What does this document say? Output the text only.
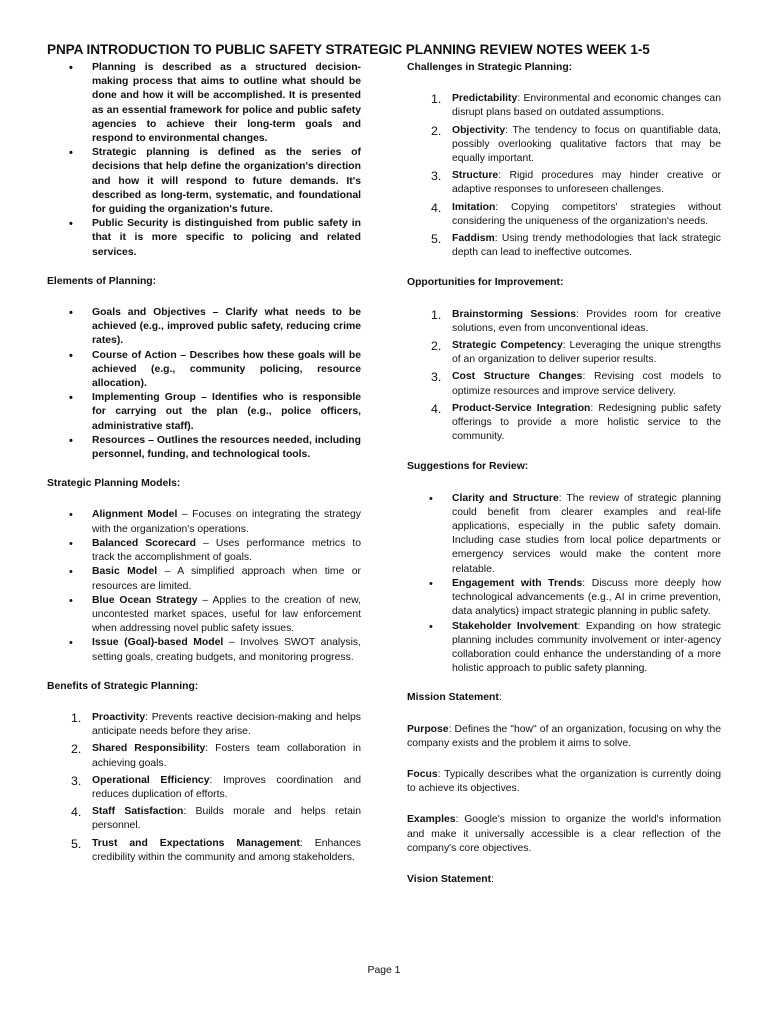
PNPA INTRODUCTION TO PUBLIC SAFETY STRATEGIC PLANNING REVIEW NOTES WEEK 1-5
• Planning is described as a structured decision-making process that aims to outline what should be done and how it will be accomplished. It is presented as an essential framework for police and public safety agencies to achieve their long-term goals and respond to environmental changes.
• Strategic planning is defined as the series of decisions that help define the organization's direction and how it will respond to future demands. It's described as long-term, systematic, and foundational for guiding the organization's future.
• Public Security is distinguished from public safety in that it is more specific to policing and related services.

Elements of Planning:

• Goals and Objectives – Clarify what needs to be achieved (e.g., improved public safety, reducing crime rates).
• Course of Action – Describes how these goals will be achieved (e.g., community policing, resource allocation).
• Implementing Group – Identifies who is responsible for carrying out the plan (e.g., police officers, administrative staff).
• Resources – Outlines the resources needed, including personnel, funding, and technological tools.

Strategic Planning Models:

• Alignment Model – Focuses on integrating the strategy with the organization's operations.
• Balanced Scorecard – Uses performance metrics to track the accomplishment of goals.
• Basic Model – A simplified approach when time or resources are limited.
• Blue Ocean Strategy – Applies to the creation of new, uncontested market spaces, useful for law enforcement when addressing novel public safety issues.
• Issue (Goal)-based Model – Involves SWOT analysis, setting goals, creating budgets, and monitoring progress.

Benefits of Strategic Planning:

1. Proactivity: Prevents reactive decision-making and helps anticipate needs before they arise.
2. Shared Responsibility: Fosters team collaboration in achieving goals.
3. Operational Efficiency: Improves coordination and reduces duplication of efforts.
4. Staff Satisfaction: Builds morale and helps retain personnel.
5. Trust and Expectations Management: Enhances credibility within the community and among stakeholders.

Challenges in Strategic Planning:

1. Predictability: Environmental and economic changes can disrupt plans based on outdated assumptions.
2. Objectivity: The tendency to focus on quantifiable data, possibly overlooking qualitative factors that may be equally important.
3. Structure: Rigid procedures may hinder creative or adaptive responses to unforeseen challenges.
4. Imitation: Copying competitors' strategies without considering the uniqueness of the organization's needs.
5. Faddism: Using trendy methodologies that lack strategic depth can lead to ineffective outcomes.

Opportunities for Improvement:

1. Brainstorming Sessions: Provides room for creative solutions, even from unconventional ideas.
2. Strategic Competency: Leveraging the unique strengths of an organization to deliver superior results.
3. Cost Structure Changes: Revising cost models to optimize resources and improve service delivery.
4. Product-Service Integration: Redesigning public safety offerings to provide a more holistic service to the community.

Suggestions for Review:

• Clarity and Structure: The review of strategic planning could benefit from clearer examples and real-life applications, especially in the public safety domain. Including case studies from local police departments or emergency services would make the content more relatable.
• Engagement with Trends: Discuss more deeply how technological advancements (e.g., AI in crime prevention, data analytics) impact strategic planning in public safety.
• Stakeholder Involvement: Expanding on how strategic planning includes community involvement or inter-agency collaboration could enhance the understanding of a more holistic approach to public safety planning.

Mission Statement:

Purpose: Defines the "how" of an organization, focusing on why the company exists and the problem it aims to solve.

Focus: Typically describes what the organization is currently doing to achieve its objectives.

Examples: Google's mission to organize the world's information and make it universally accessible is a clear reflection of the company's core objectives.

Vision Statement:

Page 1
